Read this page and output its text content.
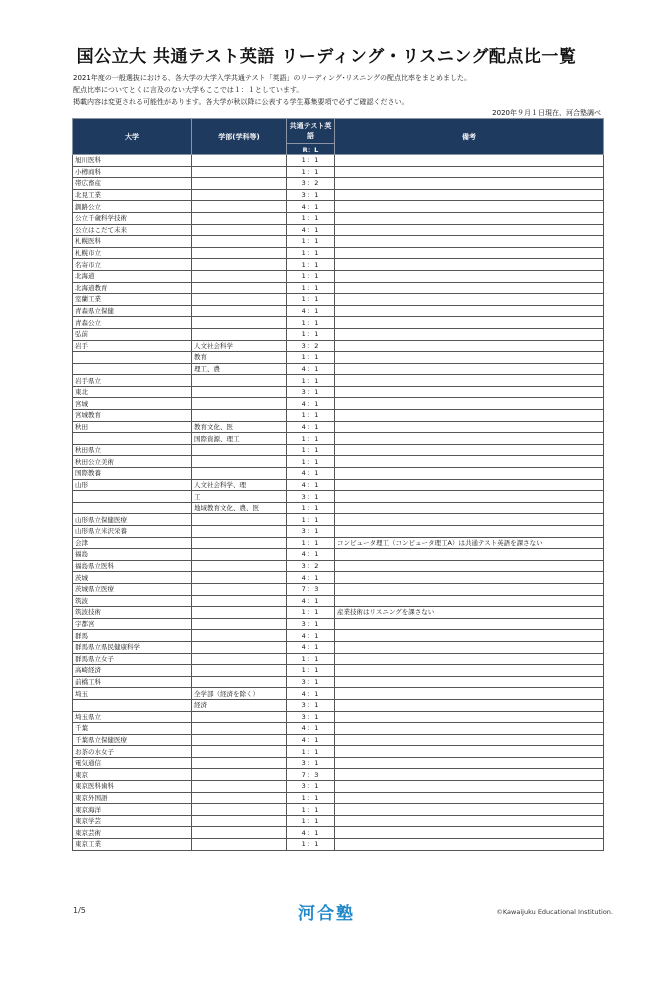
国公立大 共通テスト英語 リーディング・リスニング配点比一覧
2021年度の一般選抜における、各大学の大学入学共通テスト「英語」のリーディング･リスニングの配点比率をまとめました。
配点比率についてとくに言及のない大学もここでは１：１としています。
掲載内容は変更される可能性があります。各大学が秋以降に公表する学生募集要項で必ずご確認ください。
2020年９月１日現在、河合塾調べ
大学	学部(学科等)	共通テスト英語	備考
		R：L	
旭川医科		1：1	
小樽商科		1：1	
帯広畜産		3：2	
北見工業		3：1	
釧路公立		4：1	
公立千歳科学技術		1：1	
公立はこだて未来		4：1	
札幌医科		1：1	
札幌市立		1：1	
名寄市立		1：1	
北海道		1：1	
北海道教育		1：1	
室蘭工業		1：1	
青森県立保健		4：1	
青森公立		1：1	
弘前		1：1	
岩手	人文社会科学	3：2	
	教育	1：1	
	理工、農	4：1	
岩手県立		1：1	
東北		3：1	
宮城		4：1	
宮城教育		1：1	
秋田	教育文化、医	4：1	
	国際資源、理工	1：1	
秋田県立		1：1	
秋田公立美術		1：1	
国際教養		4：1	
山形	人文社会科学、理	4：1	
	工	3：1	
	地域教育文化、農、医	1：1	
山形県立保健医療		1：1	
山形県立米沢栄養		3：1	
会津		1：1	コンピュータ理工（コンピュータ理工A）は共通テスト英語を課さない
福島		4：1	
福島県立医科		3：2	
茨城		4：1	
茨城県立医療		7：3	
筑波		4：1	
筑波技術		1：1	産業技術はリスニングを課さない
宇都宮		3：1	
群馬		4：1	
群馬県立県民健康科学		4：1	
群馬県立女子		1：1	
高崎経済		1：1	
前橋工科		3：1	
埼玉	全学部（経済を除く）	4：1	
	経済	3：1	
埼玉県立		3：1	
千葉		4：1	
千葉県立保健医療		4：1	
お茶の水女子		1：1	
電気通信		3：1	
東京		7：3	
東京医科歯科		3：1	
東京外国語		1：1	
東京海洋		1：1	
東京学芸		1：1	
東京芸術		4：1	
東京工業		1：1	
1/5	河合塾	©Kawaijuku Educational Institution.
